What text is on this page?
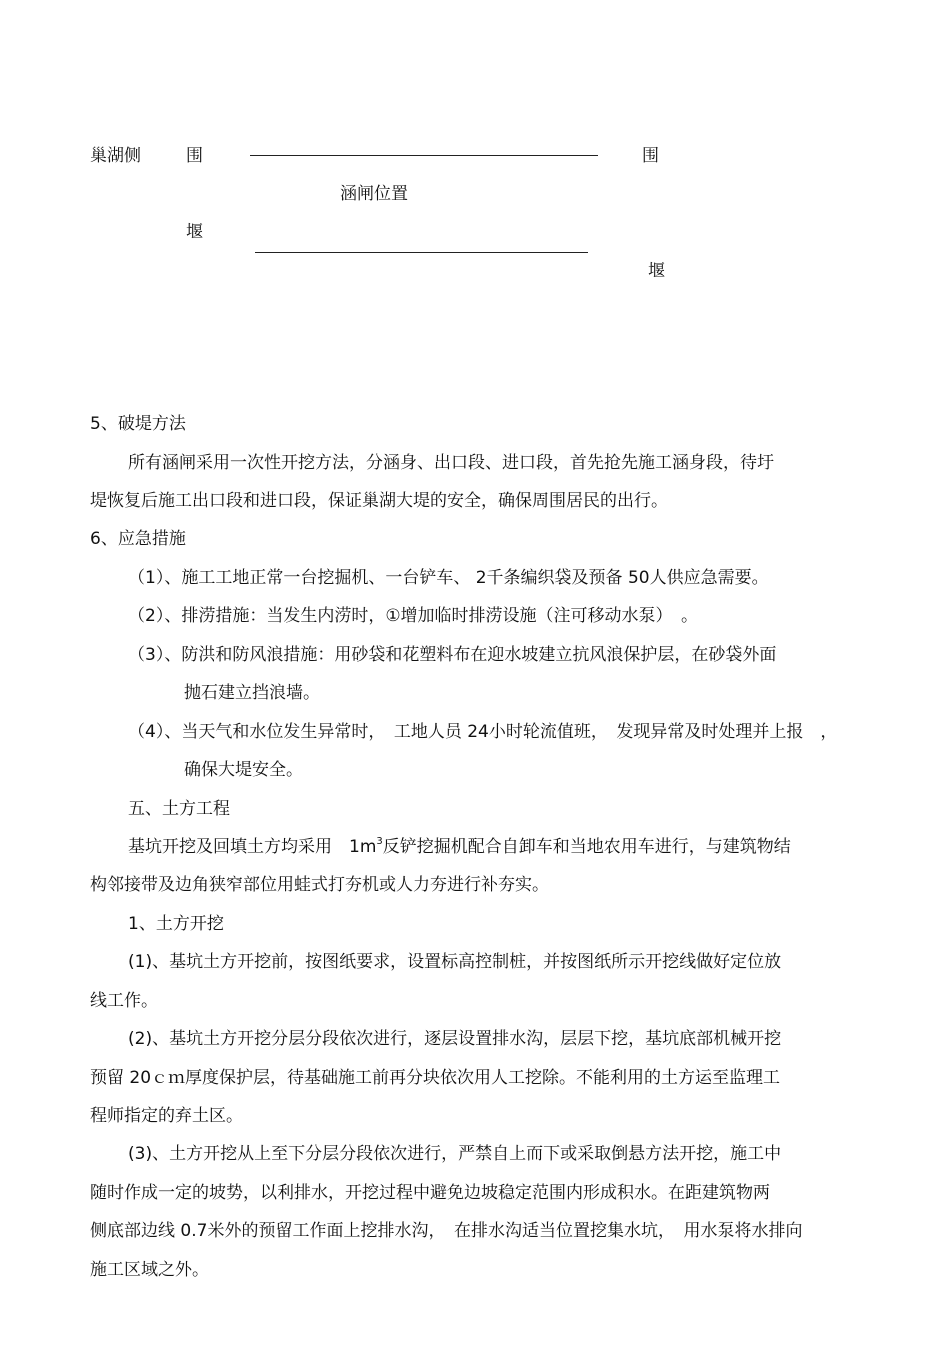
巢湖侧	围	围
涵闸位置
堰
堰
5、破堤方法
所有涵闸采用一次性开挖方法，分涵身、出口段、进口段，首先抢先施工涵身段，待圩
堤恢复后施工出口段和进口段，保证巢湖大堤的安全，确保周围居民的出行。
6、应急措施
（1）、施工工地正常一台挖掘机、一台铲车、 2千条编织袋及预备 50人供应急需要。
（2）、排涝措施：当发生内涝时，①增加临时排涝设施（注可移动水泵）　。
（3）、防洪和防风浪措施：用砂袋和花塑料布在迎水坡建立抗风浪保护层，在砂袋外面
抛石建立挡浪墙。
（4）、当天气和水位发生异常时，　工地人员 24小时轮流值班，　发现异常及时处理并上报　，
确保大堤安全。
五、土方工程
基坑开挖及回填土方均采用　$1m^3$反铲挖掘机配合自卸车和当地农用车进行，与建筑物结
构邻接带及边角狭窄部位用蛙式打夯机或人力夯进行补夯实。
1、土方开挖
(1)、基坑土方开挖前，按图纸要求，设置标高控制桩，并按图纸所示开挖线做好定位放
线工作。
(2)、基坑土方开挖分层分段依次进行，逐层设置排水沟，层层下挖，基坑底部机械开挖
预留 20ｃｍ厚度保护层，待基础施工前再分块依次用人工挖除。不能利用的土方运至监理工
程师指定的弃土区。
(3)、土方开挖从上至下分层分段依次进行，严禁自上而下或采取倒悬方法开挖，施工中
随时作成一定的坡势，以利排水，开挖过程中避免边坡稳定范围内形成积水。在距建筑物两
侧底部边线 0.7米外的预留工作面上挖排水沟，　在排水沟适当位置挖集水坑，　用水泵将水排向
施工区域之外。
